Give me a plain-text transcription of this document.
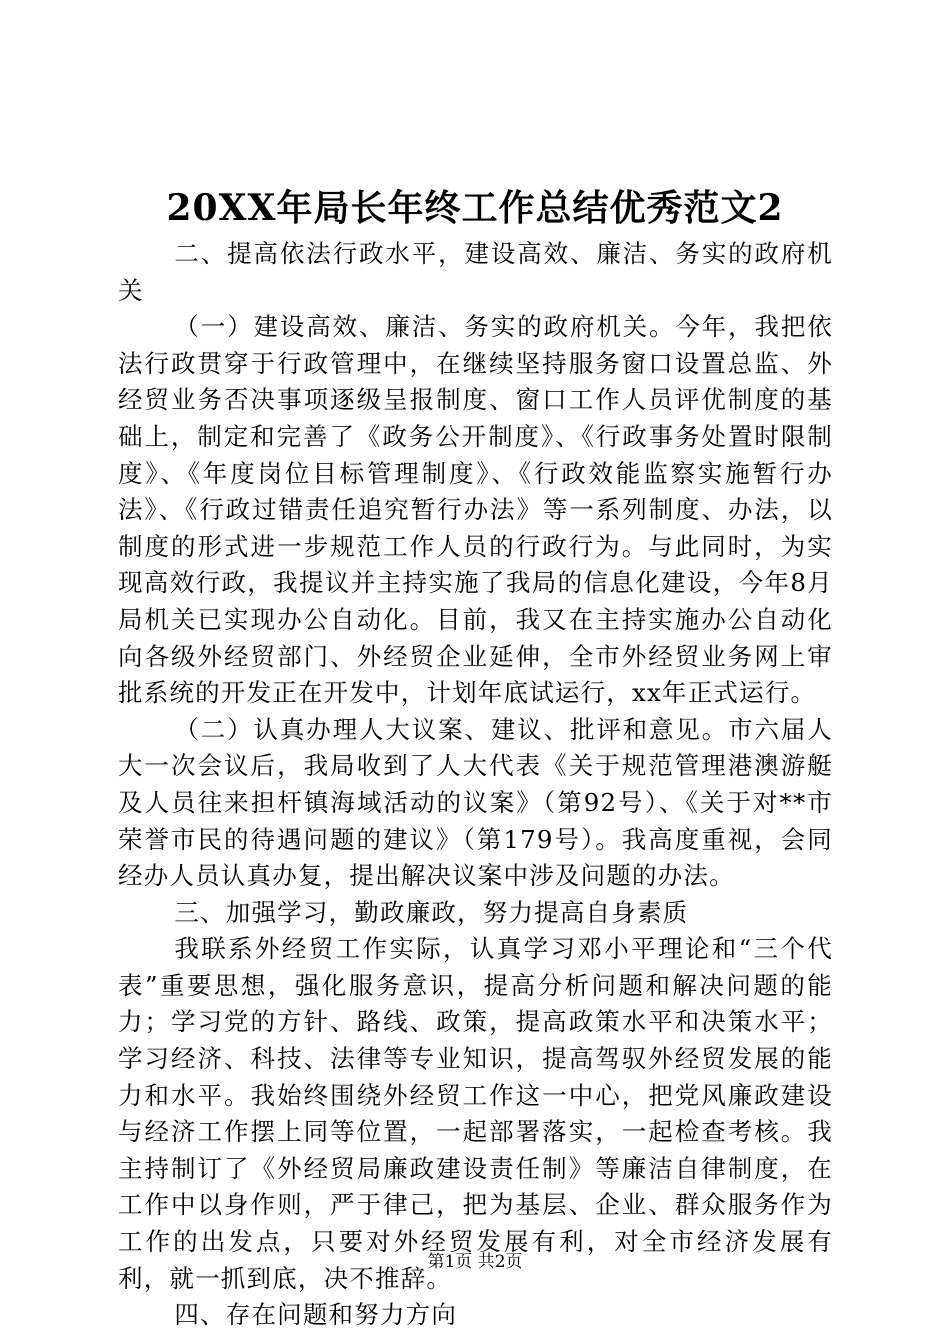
20XX年局长年终工作总结优秀范文2

二、提高依法行政水平，建设高效、廉洁、务实的政府机关

（一）建设高效、廉洁、务实的政府机关。今年，我把依法行政贯穿于行政管理中，在继续坚持服务窗口设置总监、外经贸业务否决事项逐级呈报制度、窗口工作人员评优制度的基础上，制定和完善了《政务公开制度》、《行政事务处置时限制度》、《年度岗位目标管理制度》、《行政效能监察实施暂行办法》、《行政过错责任追究暂行办法》等一系列制度、办法，以制度的形式进一步规范工作人员的行政行为。与此同时，为实现高效行政，我提议并主持实施了我局的信息化建设，今年8月局机关已实现办公自动化。目前，我又在主持实施办公自动化向各级外经贸部门、外经贸企业延伸，全市外经贸业务网上审批系统的开发正在开发中，计划年底试运行，xx年正式运行。

（二）认真办理人大议案、建议、批评和意见。市六届人大一次会议后，我局收到了人大代表《关于规范管理港澳游艇及人员往来担杆镇海域活动的议案》（第92号）、《关于对**市荣誉市民的待遇问题的建议》（第179号）。我高度重视，会同经办人员认真办复，提出解决议案中涉及问题的办法。

三、加强学习，勤政廉政，努力提高自身素质

我联系外经贸工作实际，认真学习邓小平理论和“三个代表”重要思想，强化服务意识，提高分析问题和解决问题的能力；学习党的方针、路线、政策，提高政策水平和决策水平；学习经济、科技、法律等专业知识，提高驾驭外经贸发展的能力和水平。我始终围绕外经贸工作这一中心，把党风廉政建设与经济工作摆上同等位置，一起部署落实，一起检查考核。我主持制订了《外经贸局廉政建设责任制》等廉洁自律制度，在工作中以身作则，严于律己，把为基层、企业、群众服务作为工作的出发点，只要对外经贸发展有利，对全市经济发展有利，就一抓到底，决不推辞。

四、存在问题和努力方向

第1页 共2页
